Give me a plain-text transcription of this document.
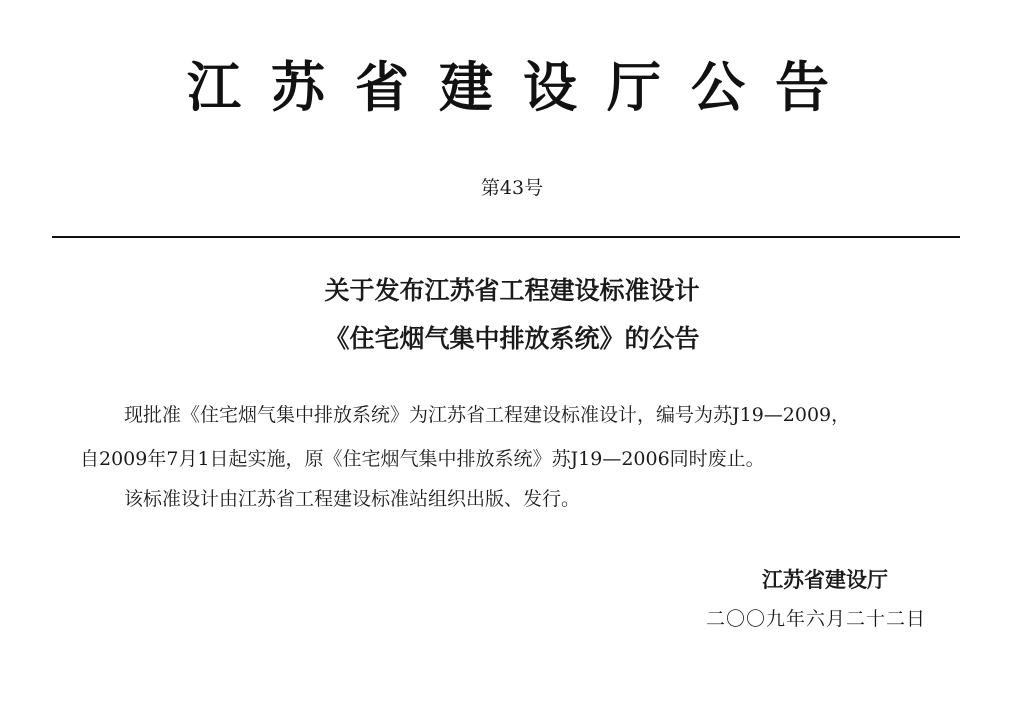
江苏省建设厅公告
第43号
关于发布江苏省工程建设标准设计
《住宅烟气集中排放系统》的公告
现批准《住宅烟气集中排放系统》为江苏省工程建设标准设计，编号为苏J19—2009，
自2009年7月1日起实施，原《住宅烟气集中排放系统》苏J19—2006同时废止。
该标准设计由江苏省工程建设标准站组织出版、发行。
江苏省建设厅
二〇〇九年六月二十二日
